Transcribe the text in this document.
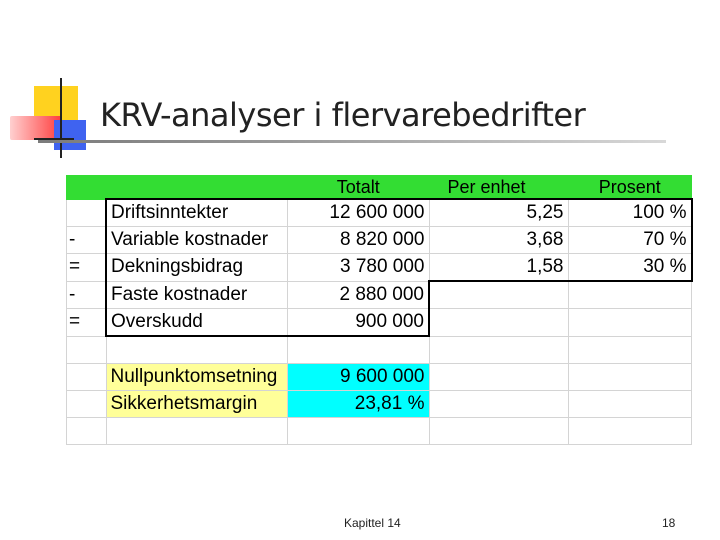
KRV-analyser i flervarebedrifter
		Totalt	Per enhet	Prosent
	Driftsinntekter	12 600 000	5,25	100 %
-	Variable kostnader	8 820 000	3,68	70 %
=	Dekningsbidrag	3 780 000	1,58	30 %
-	Faste kostnader	2 880 000		
=	Overskudd	900 000		

	Nullpunktomsetning	9 600 000		
	Sikkerhetsmargin	23,81 %		

Kapittel 14	18
